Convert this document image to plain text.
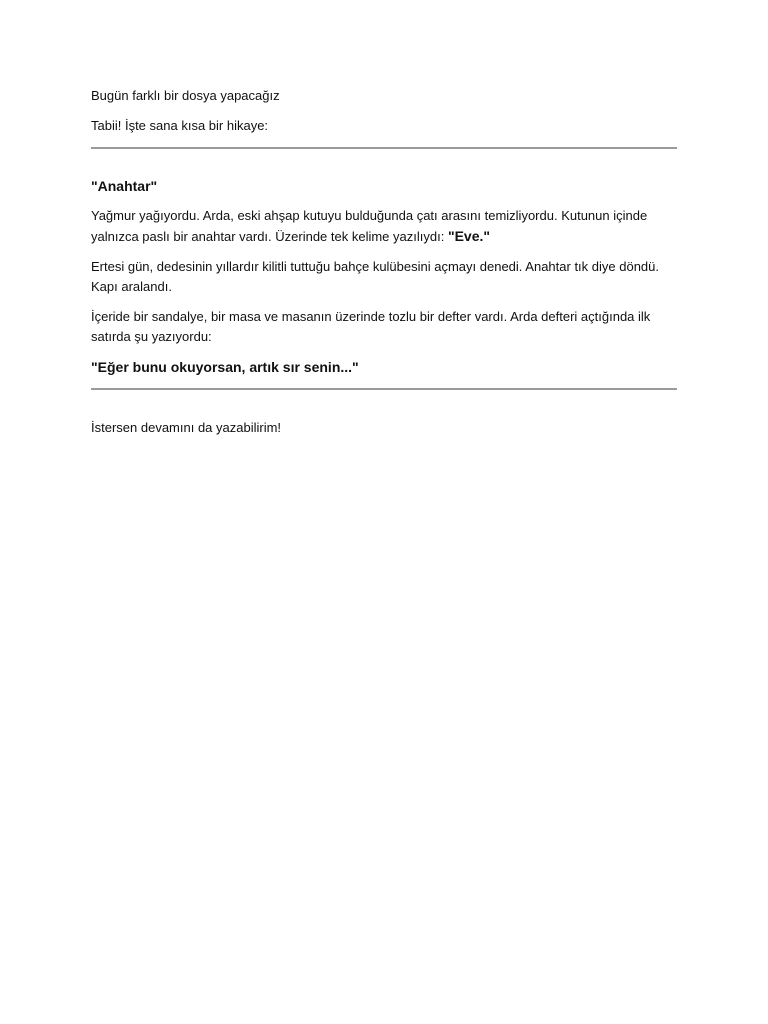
Bugün farklı bir dosya yapacağız

Tabii! İşte sana kısa bir hikaye:

"Anahtar"

Yağmur yağıyordu. Arda, eski ahşap kutuyu bulduğunda çatı arasını temizliyordu. Kutunun içinde yalnızca paslı bir anahtar vardı. Üzerinde tek kelime yazılıydı: "Eve."

Ertesi gün, dedesinin yıllardır kilitli tuttuğu bahçe kulübesini açmayı denedi. Anahtar tık diye döndü. Kapı aralandı.

İçeride bir sandalye, bir masa ve masanın üzerinde tozlu bir defter vardı. Arda defteri açtığında ilk satırda şu yazıyordu:

"Eğer bunu okuyorsan, artık sır senin..."

İstersen devamını da yazabilirim!
